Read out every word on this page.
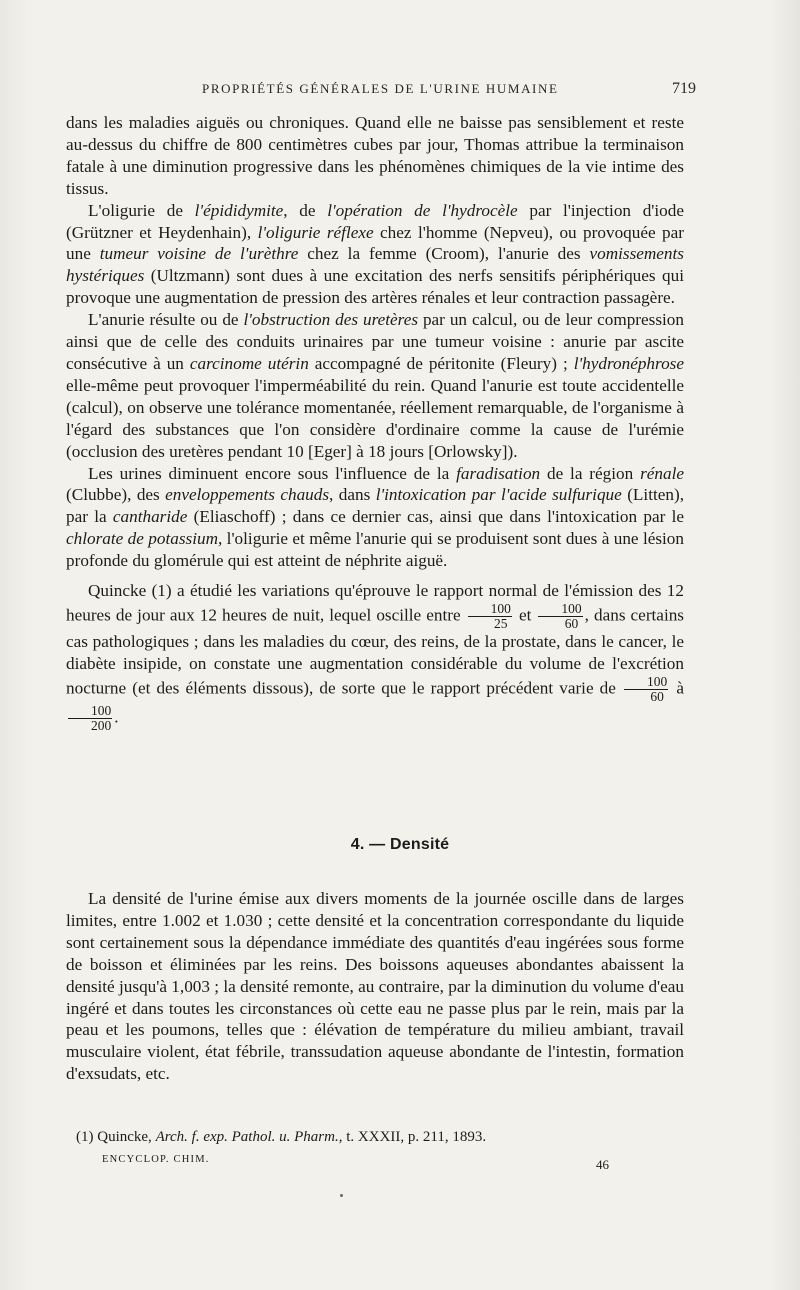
PROPRIÉTÉS GÉNÉRALES DE L'URINE HUMAINE	719

dans les maladies aiguës ou chroniques. Quand elle ne baisse pas sensiblement et reste au-dessus du chiffre de 800 centimètres cubes par jour, Thomas attribue la terminaison fatale à une diminution progressive dans les phénomènes chimiques de la vie intime des tissus.

L'oligurie de l'épididymite, de l'opération de l'hydrocèle par l'injection d'iode (Grützner et Heydenhain), l'oligurie réflexe chez l'homme (Nepveu), ou provoquée par une tumeur voisine de l'urèthre chez la femme (Croom), l'anurie des vomissements hystériques (Ultzmann) sont dues à une excitation des nerfs sensitifs périphériques qui provoque une augmentation de pression des artères rénales et leur contraction passagère.

L'anurie résulte ou de l'obstruction des uretères par un calcul, ou de leur compression ainsi que de celle des conduits urinaires par une tumeur voisine : anurie par ascite consécutive à un carcinome utérin accompagné de péritonite (Fleury) ; l'hydronéphrose elle-même peut provoquer l'imperméabilité du rein. Quand l'anurie est toute accidentelle (calcul), on observe une tolérance momentanée, réellement remarquable, de l'organisme à l'égard des substances que l'on considère d'ordinaire comme la cause de l'urémie (occlusion des uretères pendant 10 [Eger] à 18 jours [Orlowsky]).

Les urines diminuent encore sous l'influence de la faradisation de la région rénale (Clubbe), des enveloppements chauds, dans l'intoxication par l'acide sulfurique (Litten), par la cantharide (Eliaschoff) ; dans ce dernier cas, ainsi que dans l'intoxication par le chlorate de potassium, l'oligurie et même l'anurie qui se produisent sont dues à une lésion profonde du glomérule qui est atteint de néphrite aiguë.

Quincke (1) a étudié les variations qu'éprouve le rapport normal de l'émission des 12 heures de jour aux 12 heures de nuit, lequel oscille entre $\frac{100}{25}$ et $\frac{100}{60}$ , dans certains cas pathologiques ; dans les maladies du cœur, des reins, de la prostate, dans le cancer, le diabète insipide, on constate une augmentation considérable du volume de l'excrétion nocturne (et des éléments dissous), de sorte que le rapport précédent varie de $\frac{100}{60}$ à
$\frac{100}{200}$ .

4. — Densité

La densité de l'urine émise aux divers moments de la journée oscille dans de larges limites, entre 1.002 et 1.030 ; cette densité et la concentration correspondante du liquide sont certainement sous la dépendance immédiate des quantités d'eau ingérées sous forme de boisson et éliminées par les reins. Des boissons aqueuses abondantes abaissent la densité jusqu'à 1,003 ; la densité remonte, au contraire, par la diminution du volume d'eau ingéré et dans toutes les circonstances où cette eau ne passe plus par le rein, mais par la peau et les poumons, telles que : élévation de température du milieu ambiant, travail musculaire violent, état fébrile, transsudation aqueuse abondante de l'intestin, formation d'exsudats, etc.

(1) Quincke, Arch. f. exp. Pathol. u. Pharm., t. XXXII, p. 211, 1893.
ENCYCLOP. CHIM.	46
